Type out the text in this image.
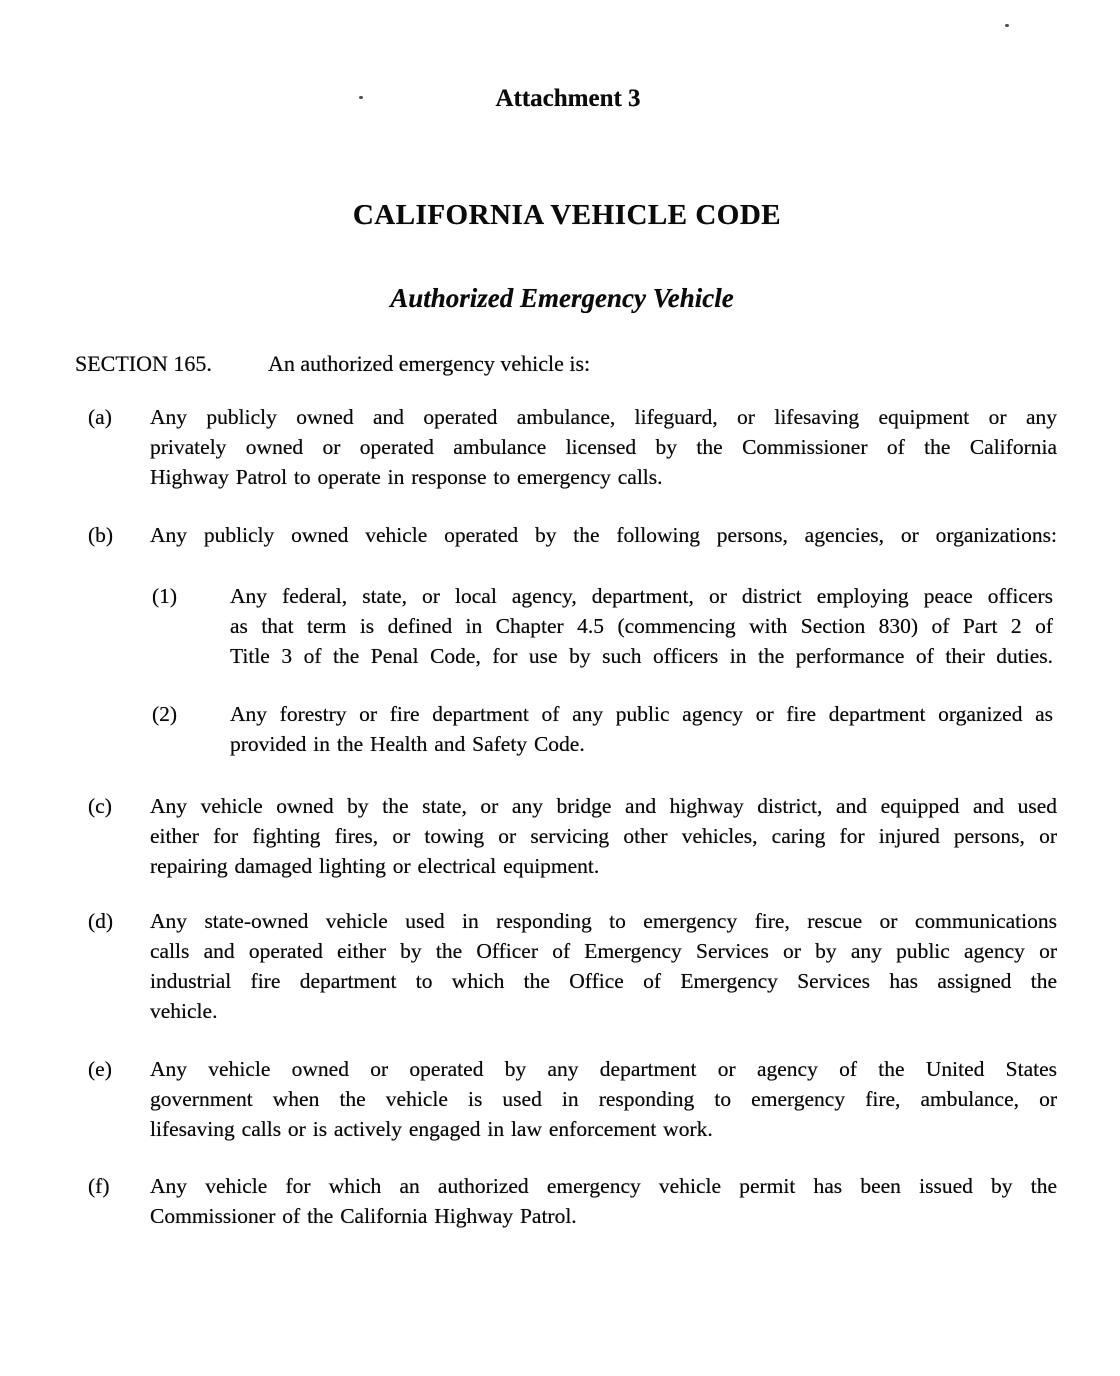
Attachment 3
CALIFORNIA VEHICLE CODE
Authorized Emergency Vehicle
SECTION 165.	An authorized emergency vehicle is:
(a) Any publicly owned and operated ambulance, lifeguard, or lifesaving equipment or any
privately owned or operated ambulance licensed by the Commissioner of the California
Highway Patrol to operate in response to emergency calls.
(b) Any publicly owned vehicle operated by the following persons, agencies, or organizations:
(1) Any federal, state, or local agency, department, or district employing peace officers
as that term is defined in Chapter 4.5 (commencing with Section 830) of Part 2 of
Title 3 of the Penal Code, for use by such officers in the performance of their duties.
(2) Any forestry or fire department of any public agency or fire department organized as
provided in the Health and Safety Code.
(c) Any vehicle owned by the state, or any bridge and highway district, and equipped and used
either for fighting fires, or towing or servicing other vehicles, caring for injured persons, or
repairing damaged lighting or electrical equipment.
(d) Any state-owned vehicle used in responding to emergency fire, rescue or communications
calls and operated either by the Officer of Emergency Services or by any public agency or
industrial fire department to which the Office of Emergency Services has assigned the
vehicle.
(e) Any vehicle owned or operated by any department or agency of the United States
government when the vehicle is used in responding to emergency fire, ambulance, or
lifesaving calls or is actively engaged in law enforcement work.
(f) Any vehicle for which an authorized emergency vehicle permit has been issued by the
Commissioner of the California Highway Patrol.
